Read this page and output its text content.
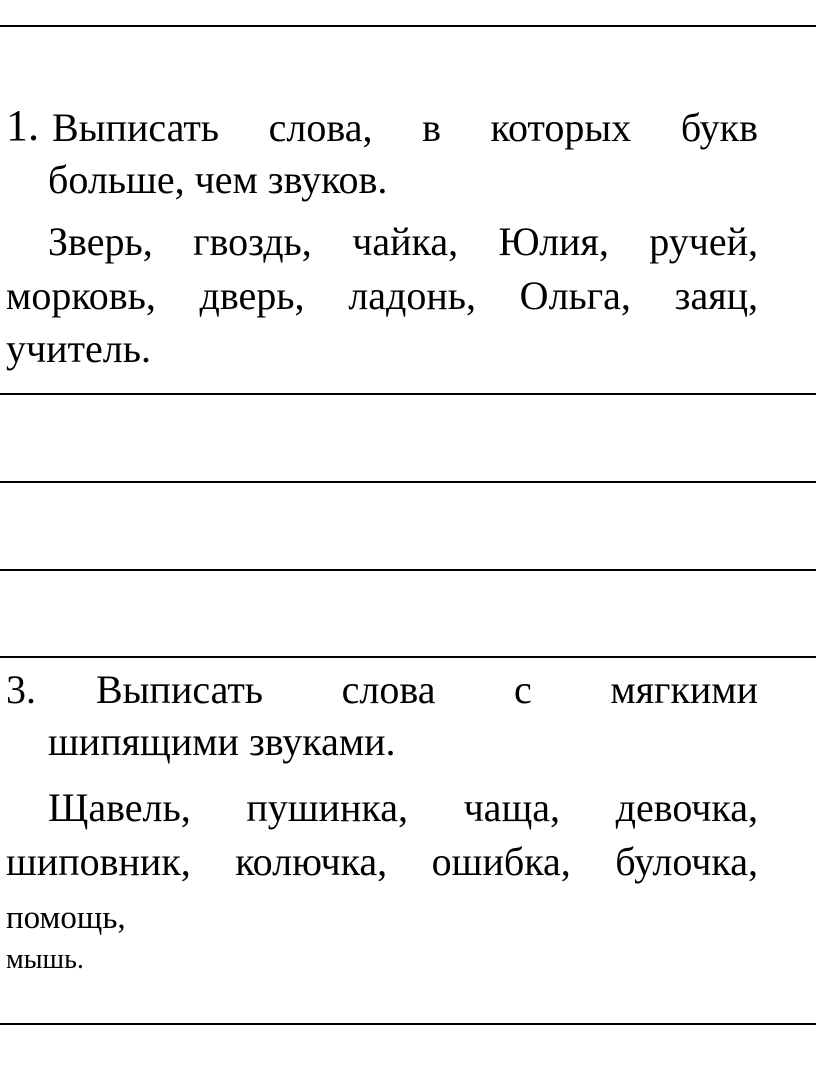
1. Выписать слова, в которых букв
больше, чем звуков.
Зверь, гвоздь, чайка, Юлия, ручей,
морковь, дверь, ладонь, Ольга, заяц,
учитель.
3. Выписать слова с мягкими
шипящими звуками.
Щавель, пушинка, чаща, девочка,
шиповник, колючка, ошибка, булочка,
помощь,
мышь.
